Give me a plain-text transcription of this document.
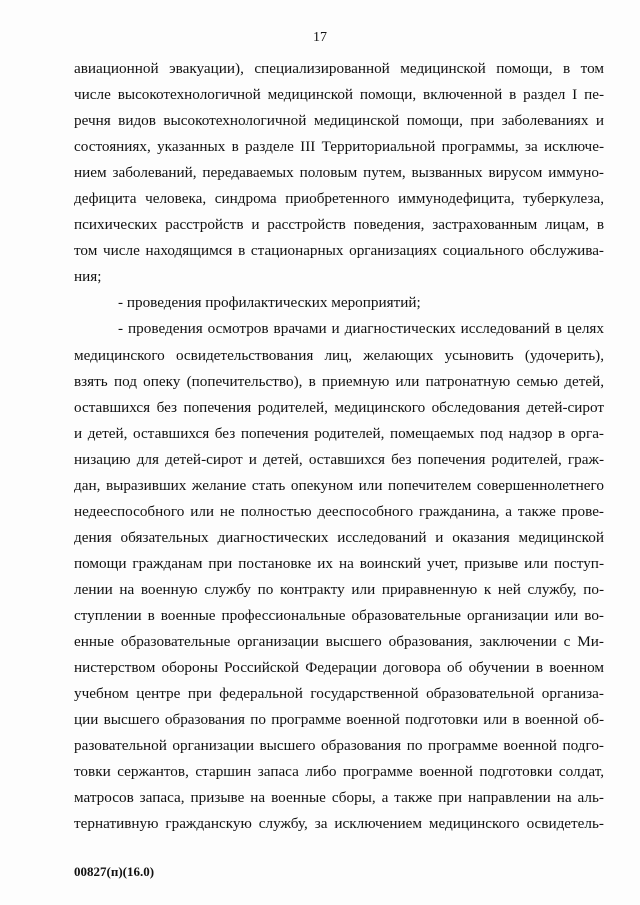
17
авиационной эвакуации), специализированной медицинской помощи, в том
числе высокотехнологичной медицинской помощи, включенной в раздел I пе-
речня видов высокотехнологичной медицинской помощи, при заболеваниях и
состояниях, указанных в разделе III Территориальной программы, за исключе-
нием заболеваний, передаваемых половым путем, вызванных вирусом иммуно-
дефицита человека, синдрома приобретенного иммунодефицита, туберкулеза,
психических расстройств и расстройств поведения, застрахованным лицам, в
том числе находящимся в стационарных организациях социального обслужива-
ния;
- проведения профилактических мероприятий;
- проведения осмотров врачами и диагностических исследований в целях
медицинского освидетельствования лиц, желающих усыновить (удочерить),
взять под опеку (попечительство), в приемную или патронатную семью детей,
оставшихся без попечения родителей, медицинского обследования детей-сирот
и детей, оставшихся без попечения родителей, помещаемых под надзор в орга-
низацию для детей-сирот и детей, оставшихся без попечения родителей, граж-
дан, выразивших желание стать опекуном или попечителем совершеннолетнего
недееспособного или не полностью дееспособного гражданина, а также прове-
дения обязательных диагностических исследований и оказания медицинской
помощи гражданам при постановке их на воинский учет, призыве или поступ-
лении на военную службу по контракту или приравненную к ней службу, по-
ступлении в военные профессиональные образовательные организации или во-
енные образовательные организации высшего образования, заключении с Ми-
нистерством обороны Российской Федерации договора об обучении в военном
учебном центре при федеральной государственной образовательной организа-
ции высшего образования по программе военной подготовки или в военной об-
разовательной организации высшего образования по программе военной подго-
товки сержантов, старшин запаса либо программе военной подготовки солдат,
матросов запаса, призыве на военные сборы, а также при направлении на аль-
тернативную гражданскую службу, за исключением медицинского освидетель-
00827(п)(16.0)
